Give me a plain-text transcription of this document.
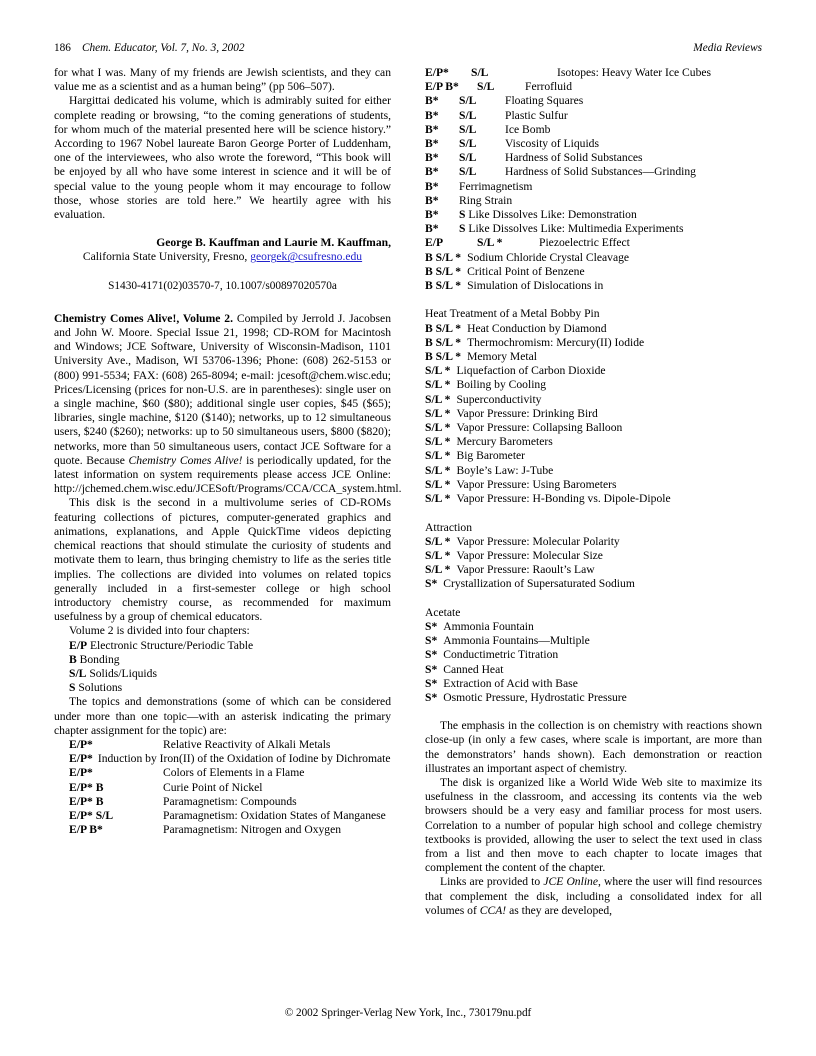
186 Chem. Educator, Vol. 7, No. 3, 2002	Media Reviews

for what I was. Many of my friends are Jewish scientists, and they can value me as a scientist and as a human being” (pp 506–507).

Hargittai dedicated his volume, which is admirably suited for either complete reading or browsing, “to the coming generations of students, for whom much of the material presented here will be science history.” According to 1967 Nobel laureate Baron George Porter of Luddenham, one of the interviewees, who also wrote the foreword, “This book will be enjoyed by all who have some interest in science and it will be of special value to the young people whom it may encourage to follow those, whose stories are told here.” We heartily agree with his evaluation.

George B. Kauffman and Laurie M. Kauffman,
California State University, Fresno, georgek@csufresno.edu

S1430-4171(02)03570-7, 10.1007/s00897020570a

Chemistry Comes Alive!, Volume 2. Compiled by Jerrold J. Jacobsen and John W. Moore. Special Issue 21, 1998; CD-ROM for Macintosh and Windows; JCE Software, University of Wisconsin-Madison, 1101 University Ave., Madison, WI 53706-1396; Phone: (608) 262-5153 or (800) 991-5534; FAX: (608) 265-8094; e-mail: jcesoft@chem.wisc.edu; Prices/Licensing (prices for non-U.S. are in parentheses): single user on a single machine, $60 ($80); additional single user copies, $45 ($65); libraries, single machine, $120 ($140); networks, up to 12 simultaneous users, $240 ($260); networks: up to 50 simultaneous users, $800 ($820); networks, more than 50 simultaneous users, contact JCE Software for a quote. Because Chemistry Comes Alive! is periodically updated, for the latest information on system requirements please access JCE Online: http://jchemed.chem.wisc.edu/JCESoft/Programs/CCA/CCA_system.html.

This disk is the second in a multivolume series of CD-ROMs featuring collections of pictures, computer-generated graphics and animations, explanations, and Apple QuickTime videos depicting chemical reactions that should stimulate the curiosity of students and motivate them to learn, thus bringing chemistry to life as the series title implies. The collections are divided into volumes on related topics generally included in a first-semester college or high school introductory chemistry course, as recommended for maximum usefulness by a group of chemical educators.

Volume 2 is divided into four chapters:

E/P Electronic Structure/Periodic Table
B Bonding
S/L Solids/Liquids
S Solutions

The topics and demonstrations (some of which can be considered under more than one topic—with an asterisk indicating the primary chapter assignment for the topic) are:

E/P*	Relative Reactivity of Alkali Metals
E/P* Induction by Iron(II) of the Oxidation of Iodine by Dichromate
E/P*	Colors of Elements in a Flame
E/P* B	Curie Point of Nickel
E/P* B	Paramagnetism: Compounds
E/P* S/L	Paramagnetism: Oxidation States of Manganese
E/P B*	Paramagnetism: Nitrogen and Oxygen
E/P* S/L	Isotopes: Heavy Water Ice Cubes
E/P B* S/L	Ferrofluid
B* S/L Floating Squares
B* S/L Plastic Sulfur
B* S/L Ice Bomb
B* S/L Viscosity of Liquids
B* S/L Hardness of Solid Substances
B* S/L Hardness of Solid Substances—Grinding
B* Ferrimagnetism
B* Ring Strain
B* S Like Dissolves Like: Demonstration
B* S Like Dissolves Like: Multimedia Experiments
E/P	S/L *	Piezoelectric Effect
B S/L * Sodium Chloride Crystal Cleavage
B S/L * Critical Point of Benzene
B S/L * Simulation of Dislocations in

Heat Treatment of a Metal Bobby Pin
B S/L * Heat Conduction by Diamond
B S/L * Thermochromism: Mercury(II) Iodide
B S/L * Memory Metal
S/L * Liquefaction of Carbon Dioxide
S/L * Boiling by Cooling
S/L * Superconductivity
S/L * Vapor Pressure: Drinking Bird
S/L * Vapor Pressure: Collapsing Balloon
S/L * Mercury Barometers
S/L * Big Barometer
S/L * Boyle’s Law: J-Tube
S/L * Vapor Pressure: Using Barometers
S/L * Vapor Pressure: H-Bonding vs. Dipole-Dipole

Attraction
S/L * Vapor Pressure: Molecular Polarity
S/L * Vapor Pressure: Molecular Size
S/L * Vapor Pressure: Raoult’s Law
S* Crystallization of Supersaturated Sodium

Acetate
S* Ammonia Fountain
S* Ammonia Fountains—Multiple
S* Conductimetric Titration
S* Canned Heat
S* Extraction of Acid with Base
S* Osmotic Pressure, Hydrostatic Pressure

The emphasis in the collection is on chemistry with reactions shown close-up (in only a few cases, where scale is important, are more than the demonstrators’ hands shown). Each demonstration or reaction illustrates an important aspect of chemistry.

The disk is organized like a World Wide Web site to maximize its usefulness in the classroom, and accessing its contents via the web browsers should be a very easy and familiar process for most users. Correlation to a number of popular high school and college chemistry textbooks is provided, allowing the user to select the text used in class from a list and then move to each chapter to locate images that complement the content of the chapter.

Links are provided to JCE Online, where the user will find resources that complement the disk, including a consolidated index for all volumes of CCA! as they are developed,

© 2002 Springer-Verlag New York, Inc., 730179nu.pdf
